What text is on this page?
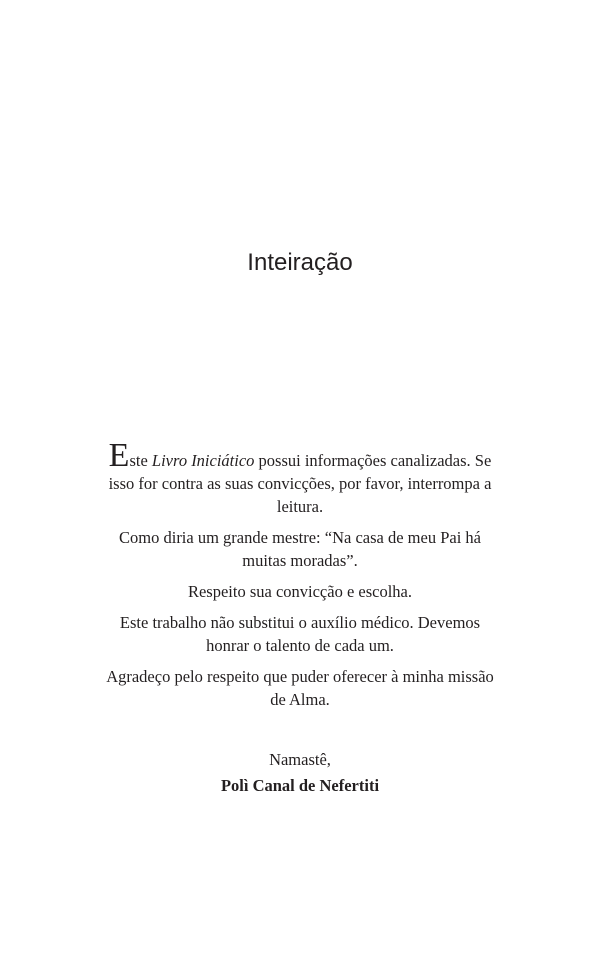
Inteiração

Este Livro Iniciático possui informações canalizadas. Se isso for contra as suas convicções, por favor, interrompa a leitura.

Como diria um grande mestre: “Na casa de meu Pai há muitas moradas”.

Respeito sua convicção e escolha.

Este trabalho não substitui o auxílio médico. Devemos honrar o talento de cada um.

Agradeço pelo respeito que puder oferecer à minha missão de Alma.

Namastê,
Polì Canal de Nefertiti
